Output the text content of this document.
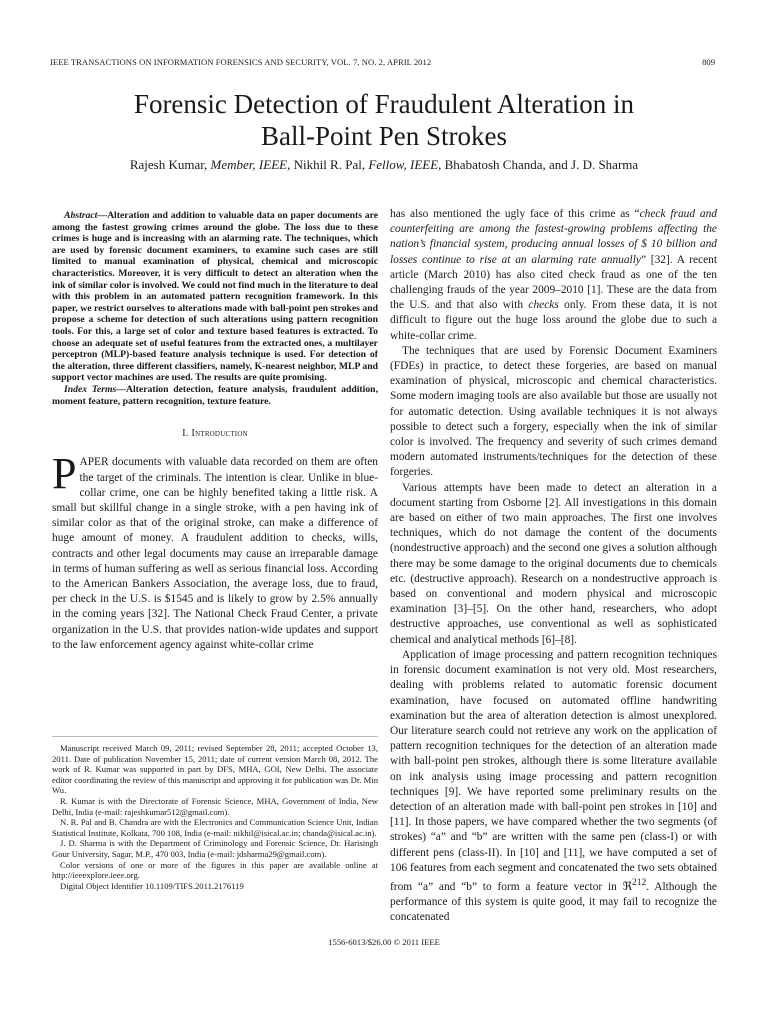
IEEE TRANSACTIONS ON INFORMATION FORENSICS AND SECURITY, VOL. 7, NO. 2, APRIL 2012	809
Forensic Detection of Fraudulent Alteration in
Ball-Point Pen Strokes
Rajesh Kumar, Member, IEEE, Nikhil R. Pal, Fellow, IEEE, Bhabatosh Chanda, and J. D. Sharma

Abstract—Alteration and addition to valuable data on paper documents are among the fastest growing crimes around the globe. The loss due to these crimes is huge and is increasing with an alarming rate. The techniques, which are used by forensic document examiners, to examine such cases are still limited to manual examination of physical, chemical and microscopic characteristics. Moreover, it is very difficult to detect an alteration when the ink of similar color is involved. We could not find much in the literature to deal with this problem in an automated pattern recognition framework. In this paper, we restrict ourselves to alterations made with ball-point pen strokes and propose a scheme for detection of such alterations using pattern recognition tools. For this, a large set of color and texture based features is extracted. To choose an adequate set of useful features from the extracted ones, a multilayer perceptron (MLP)-based feature analysis technique is used. For detection of the alteration, three different classifiers, namely, K-nearest neighbor, MLP and support vector machines are used. The results are quite promising.

Index Terms—Alteration detection, feature analysis, fraudulent addition, moment feature, pattern recognition, texture feature.

I. Introduction

PAPER documents with valuable data recorded on them are often the target of the criminals. The intention is clear. Unlike in blue-collar crime, one can be highly benefited taking a little risk. A small but skillful change in a single stroke, with a pen having ink of similar color as that of the original stroke, can make a difference of huge amount of money. A fraudulent addition to checks, wills, contracts and other legal documents may cause an irreparable damage in terms of human suffering as well as serious financial loss. According to the American Bankers Association, the average loss, due to fraud, per check in the U.S. is $1545 and is likely to grow by 2.5% annually in the coming years [32]. The National Check Fraud Center, a private organization in the U.S. that provides nation-wide updates and support to the law enforcement agency against white-collar crime

Manuscript received March 09, 2011; revised September 28, 2011; accepted October 13, 2011. Date of publication November 15, 2011; date of current version March 08, 2012. The work of R. Kumar was supported in part by DFS, MHA, GOI, New Delhi. The associate editor coordinating the review of this manuscript and approving it for publication was Dr. Min Wu.

R. Kumar is with the Directorate of Forensic Science, MHA, Government of India, New Delhi, India (e-mail: rajeshkumar512@gmail.com).

N. R. Pal and B. Chandra are with the Electronics and Communication Science Unit, Indian Statistical Institute, Kolkata, 700 108, India (e-mail: nikhil@isical.ac.in; chanda@isical.ac.in).

J. D. Sharma is with the Department of Criminology and Forensic Science, Dr. Harisingh Gour University, Sagar, M.P., 470 003, India (e-mail: jdsharma29@gmail.com).

Color versions of one or more of the figures in this paper are available online at http://ieeexplore.ieee.org.

Digital Object Identifier 10.1109/TIFS.2011.2176119

has also mentioned the ugly face of this crime as “check fraud and counterfeiting are among the fastest-growing problems affecting the nation’s financial system, producing annual losses of $ 10 billion and losses continue to rise at an alarming rate annually” [32]. A recent article (March 2010) has also cited check fraud as one of the ten challenging frauds of the year 2009–2010 [1]. These are the data from the U.S. and that also with checks only. From these data, it is not difficult to figure out the huge loss around the globe due to such a white-collar crime.

The techniques that are used by Forensic Document Examiners (FDEs) in practice, to detect these forgeries, are based on manual examination of physical, microscopic and chemical characteristics. Some modern imaging tools are also available but those are usually not for automatic detection. Using available techniques it is not always possible to detect such a forgery, especially when the ink of similar color is involved. The frequency and severity of such crimes demand modern automated instruments/techniques for the detection of these forgeries.

Various attempts have been made to detect an alteration in a document starting from Osborne [2]. All investigations in this domain are based on either of two main approaches. The first one involves techniques, which do not damage the content of the documents (nondestructive approach) and the second one gives a solution although there may be some damage to the original documents due to chemicals etc. (destructive approach). Research on a nondestructive approach is based on conventional and modern physical and microscopic examination [3]–[5]. On the other hand, researchers, who adopt destructive approaches, use conventional as well as sophisticated chemical and analytical methods [6]–[8].

Application of image processing and pattern recognition techniques in forensic document examination is not very old. Most researchers, dealing with problems related to automatic forensic document examination, have focused on automated offline handwriting examination but the area of alteration detection is almost unexplored. Our literature search could not retrieve any work on the application of pattern recognition techniques for the detection of an alteration made with ball-point pen strokes, although there is some literature available on ink analysis using image processing and pattern recognition techniques [9]. We have reported some preliminary results on the detection of an alteration made with ball-point pen strokes in [10] and [11]. In those papers, we have compared whether the two segments (of strokes) “a” and “b” are written with the same pen (class-I) or with different pens (class-II). In [10] and [11], we have computed a set of 106 features from each segment and concatenated the two sets obtained from “a” and “b” to form a feature vector in ℜ$^{212}$. Although the performance of this system is quite good, it may fail to recognize the concatenated

1556-6013/$26.00 © 2011 IEEE
